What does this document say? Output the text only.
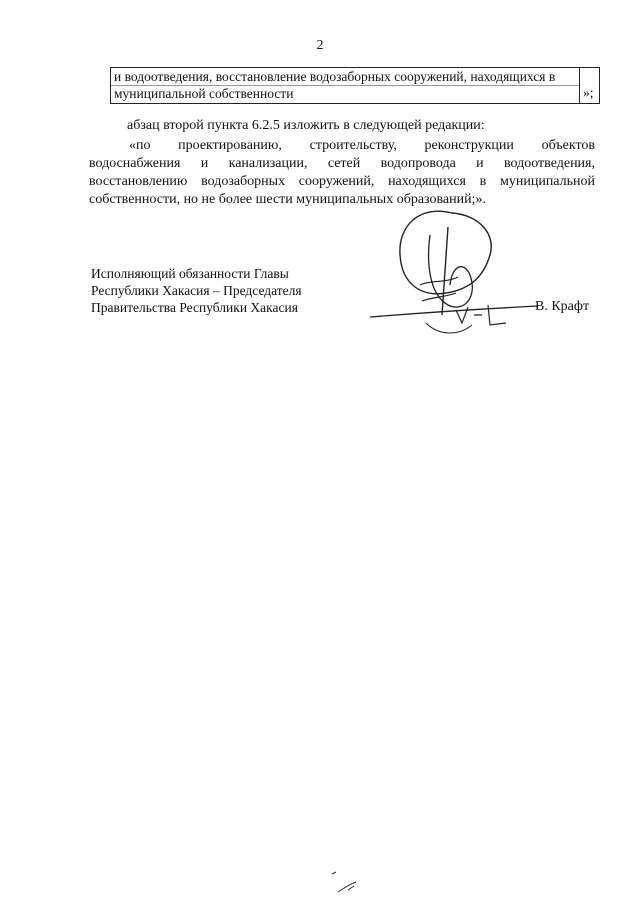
2
и водоотведения, восстановление водозаборных сооружений, находящихся в
муниципальной собственности	»;
абзац второй пункта 6.2.5 изложить в следующей редакции:
«по проектированию, строительству, реконструкции объектов
водоснабжения и канализации, сетей водопровода и водоотведения,
восстановлению водозаборных сооружений, находящихся в муниципальной
собственности, но не более шести муниципальных образований;».
Исполняющий обязанности Главы
Республики Хакасия – Председателя
Правительства Республики Хакасия	В. Крафт
